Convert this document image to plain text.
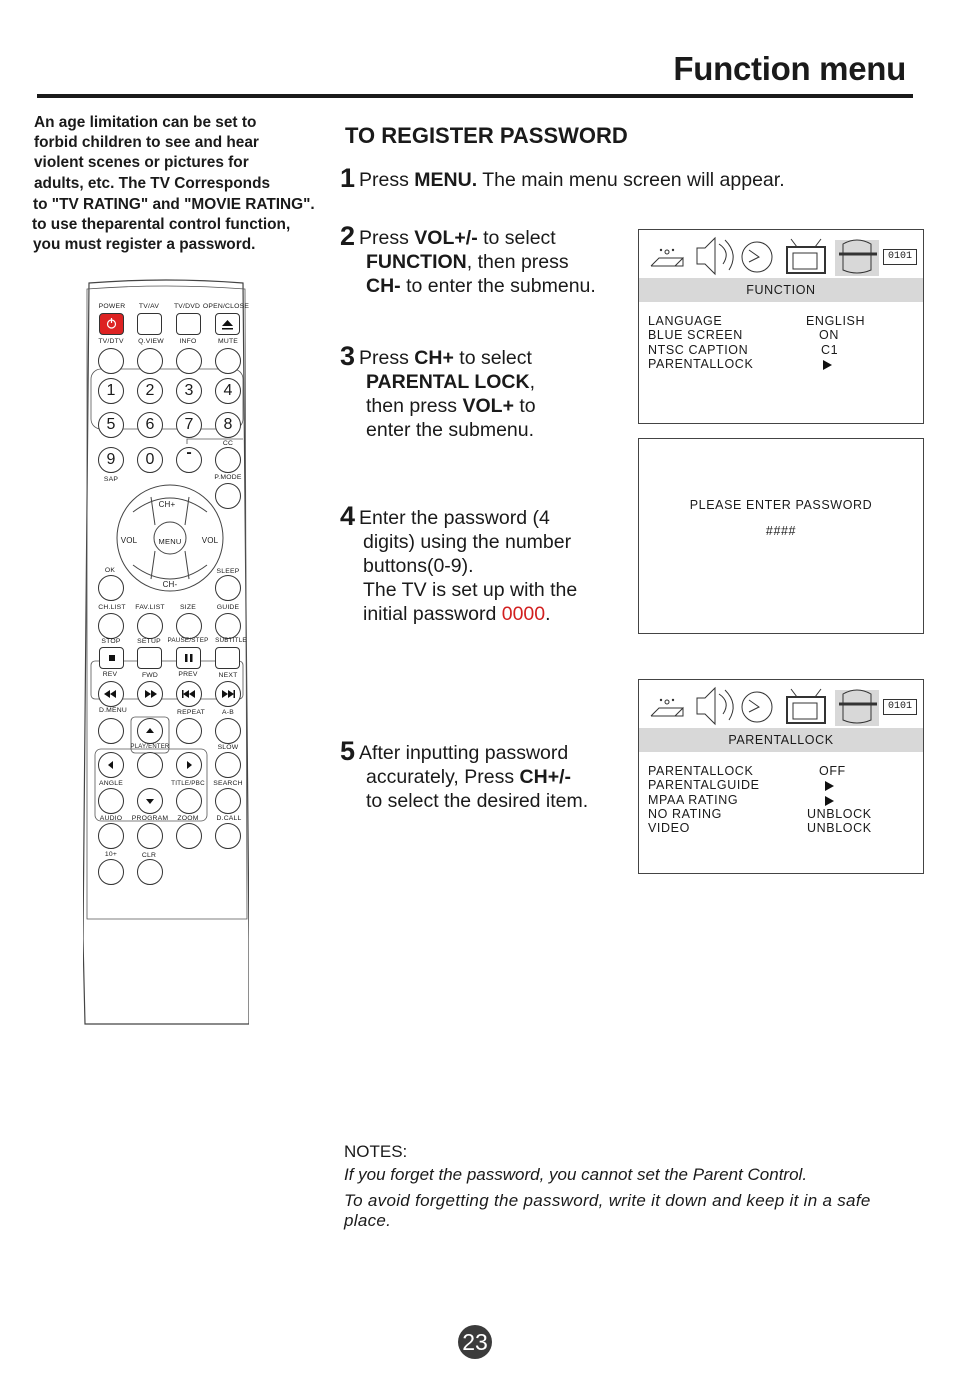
Function menu
An age limitation can be set to
forbid children to see and hear
violent scenes or pictures for
adults, etc. The TV Corresponds
to "TV RATING" and "MOVIE RATING".
to use theparental control function,
you must register a password.
TO REGISTER PASSWORD
1 Press MENU. The main menu screen will appear.
2 Press VOL+/- to select
FUNCTION, then press
CH- to enter the submenu.
3 Press CH+ to select
PARENTAL LOCK,
then press VOL+ to
enter the submenu.
4 Enter the password (4
digits) using the number
buttons(0-9).
The TV is set up with the
initial password 0000.
5 After inputting password
accurately, Press CH+/-
to select the desired item.
0101
FUNCTION
LANGUAGE	ENGLISH
BLUE SCREEN	ON
NTSC CAPTION	C1
PARENTALLOCK
PLEASE ENTER PASSWORD
####
0101
PARENTALLOCK
PARENTALLOCK	OFF
PARENTALGUIDE
MPAA RATING
NO RATING	UNBLOCK
VIDEO	UNBLOCK
POWER	TV/AV	TV/DVD OPEN/CLOSE
TV/DTV	Q.VIEW	INFO	MUTE
1	2	3	4
5	6	7	8
CC
9	0	-
SAP	P.MODE
CH+
CH-
VOL	VOL
MENU
OK	SLEEP
CH.LIST	FAV.LIST	SIZE	GUIDE
STOP	SETUP	PAUSE/STEP	SUBTITLE
REV	FWD	PREV	NEXT
D.MENU	REPEAT	A-B
PLAY/ENTER	SLOW
ANGLE	TITLE/PBC	SEARCH
AUDIO	PROGRAM	ZOOM	D.CALL
10+	CLR
NOTES:
If you forget the password, you cannot set the Parent Control.
To avoid forgetting the password, write it down and keep it in a safe place.
23
